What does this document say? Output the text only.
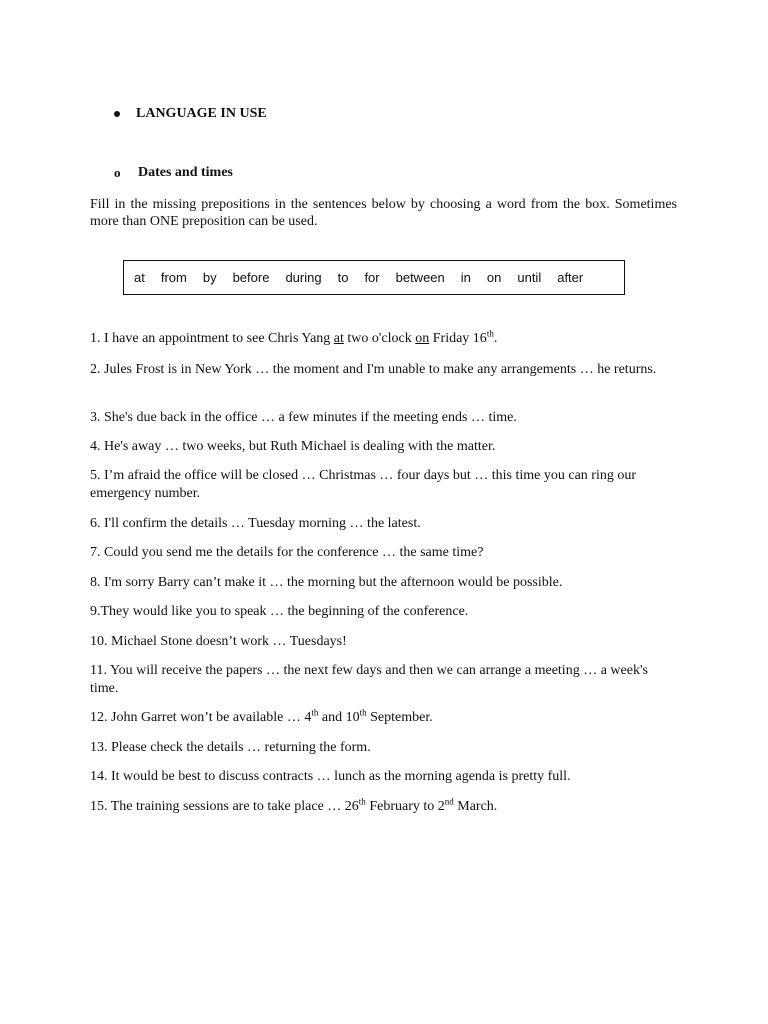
LANGUAGE IN USE
o Dates and times
Fill in the missing prepositions in the sentences below by choosing a word from the box. Sometimes more than ONE preposition can be used.
at from by before during to for between in on until after
1. I have an appointment to see Chris Yang at two o'clock on Friday 16th.
2. Jules Frost is in New York … the moment and I'm unable to make any arrangements … he returns.
3. She's due back in the office … a few minutes if the meeting ends … time.
4. He's away … two weeks, but Ruth Michael is dealing with the matter.
5. I’m afraid the office will be closed … Christmas … four days but … this time you can ring our emergency number.
6. I'll confirm the details … Tuesday morning … the latest.
7. Could you send me the details for the conference … the same time?
8. I'm sorry Barry can’t make it … the morning but the afternoon would be possible.
9.They would like you to speak … the beginning of the conference.
10. Michael Stone doesn’t work … Tuesdays!
11. You will receive the papers … the next few days and then we can arrange a meeting … a week's time.
12. John Garret won’t be available … 4th and 10th September.
13. Please check the details … returning the form.
14. It would be best to discuss contracts … lunch as the morning agenda is pretty full.
15. The training sessions are to take place … 26th February to 2nd March.
